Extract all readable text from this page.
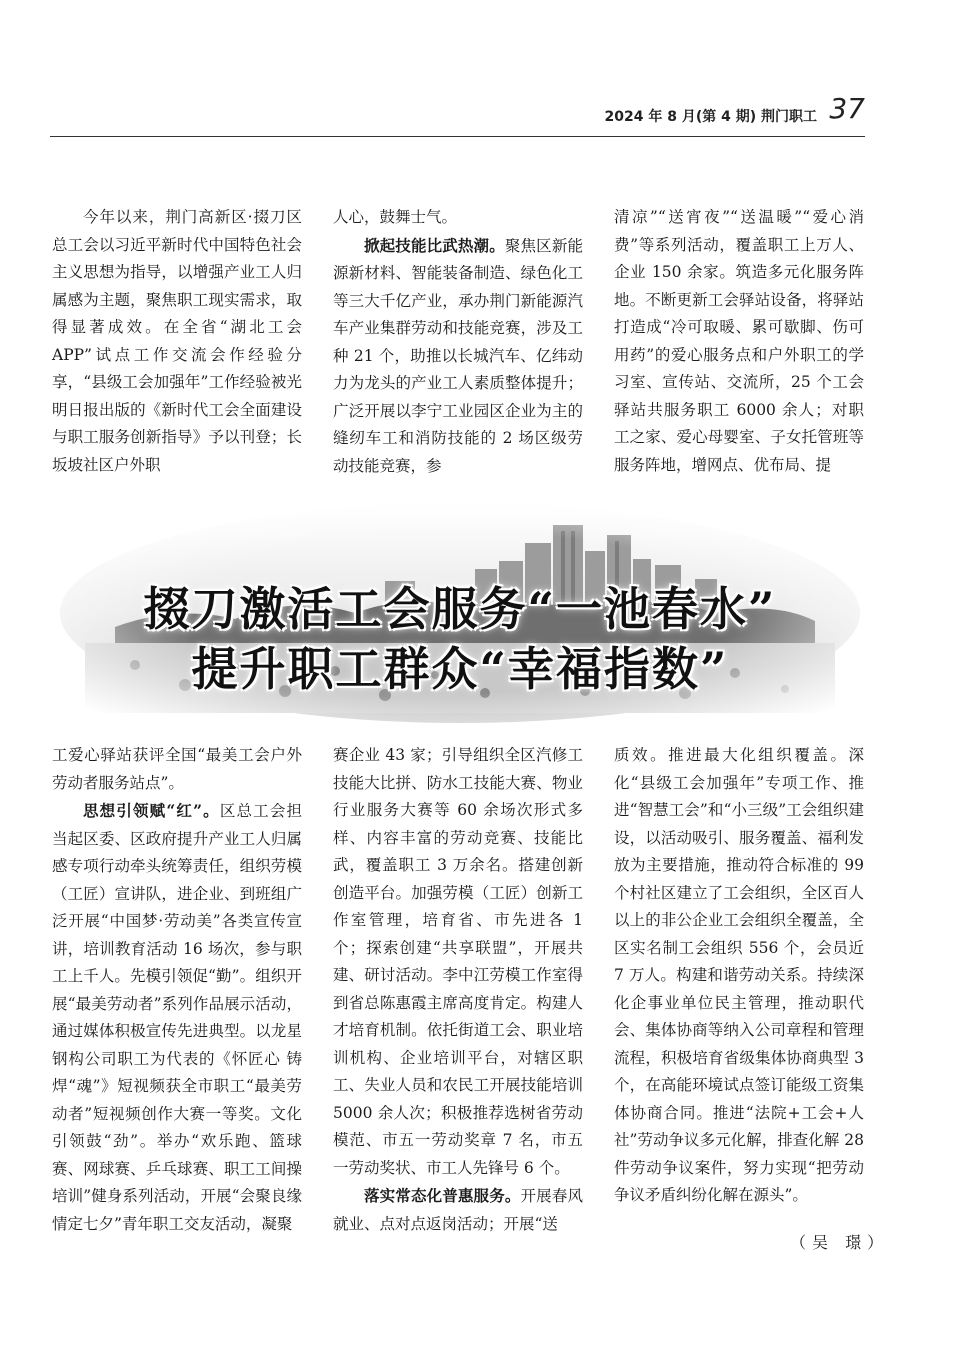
2024 年 8 月(第 4 期) 荆门职工 37

今年以来，荆门高新区·掇刀区总工会以习近平新时代中国特色社会主义思想为指导，以增强产业工人归属感为主题，聚焦职工现实需求，取得显著成效。在全省“湖北工会 APP”试点工作交流会作经验分享，“县级工会加强年”工作经验被光明日报出版的《新时代工会全面建设与职工服务创新指导》予以刊登；长坂坡社区户外职

人心，鼓舞士气。

掀起技能比武热潮。聚焦区新能源新材料、智能装备制造、绿色化工等三大千亿产业，承办荆门新能源汽车产业集群劳动和技能竞赛，涉及工种 21 个，助推以长城汽车、亿纬动力为龙头的产业工人素质整体提升；广泛开展以李宁工业园区企业为主的缝纫车工和消防技能的 2 场区级劳动技能竞赛，参

清凉”“送宵夜”“送温暖”“爱心消费”等系列活动，覆盖职工上万人、企业 150 余家。筑造多元化服务阵地。不断更新工会驿站设备，将驿站打造成“冷可取暖、累可歇脚、伤可用药”的爱心服务点和户外职工的学习室、宣传站、交流所，25 个工会驿站共服务职工 6000 余人；对职工之家、爱心母婴室、子女托管班等服务阵地，增网点、优布局、提

掇刀激活工会服务“一池春水”
提升职工群众“幸福指数”

工爱心驿站获评全国“最美工会户外劳动者服务站点”。

思想引领赋“红”。区总工会担当起区委、区政府提升产业工人归属感专项行动牵头统筹责任，组织劳模（工匠）宣讲队，进企业、到班组广泛开展“中国梦·劳动美”各类宣传宣讲，培训教育活动 16 场次，参与职工上千人。先模引领促“勤”。组织开展“最美劳动者”系列作品展示活动，通过媒体积极宣传先进典型。以龙星钢构公司职工为代表的《怀匠心 铸焊“魂”》短视频获全市职工“最美劳动者”短视频创作大赛一等奖。文化引领鼓“劲”。举办“欢乐跑、篮球赛、网球赛、乒乓球赛、职工工间操培训”健身系列活动，开展“会聚良缘 情定七夕”青年职工交友活动，凝聚

赛企业 43 家；引导组织全区汽修工技能大比拼、防水工技能大赛、物业行业服务大赛等 60 余场次形式多样、内容丰富的劳动竞赛、技能比武，覆盖职工 3 万余名。搭建创新创造平台。加强劳模（工匠）创新工作室管理，培育省、市先进各 1 个；探索创建“共享联盟”，开展共建、研讨活动。李中江劳模工作室得到省总陈惠霞主席高度肯定。构建人才培育机制。依托街道工会、职业培训机构、企业培训平台，对辖区职工、失业人员和农民工开展技能培训 5000 余人次；积极推荐选树省劳动模范、市五一劳动奖章 7 名，市五一劳动奖状、市工人先锋号 6 个。

落实常态化普惠服务。开展春风就业、点对点返岗活动；开展“送

质效。推进最大化组织覆盖。深化“县级工会加强年”专项工作、推进“智慧工会”和“小三级”工会组织建设，以活动吸引、服务覆盖、福利发放为主要措施，推动符合标准的 99 个村社区建立了工会组织，全区百人以上的非公企业工会组织全覆盖，全区实名制工会组织 556 个，会员近 7 万人。构建和谐劳动关系。持续深化企事业单位民主管理，推动职代会、集体协商等纳入公司章程和管理流程，积极培育省级集体协商典型 3 个，在高能环境试点签订能级工资集体协商合同。推进“法院+工会+人社”劳动争议多元化解，排查化解 28 件劳动争议案件，努力实现“把劳动争议矛盾纠纷化解在源头”。

（吴 璟）
